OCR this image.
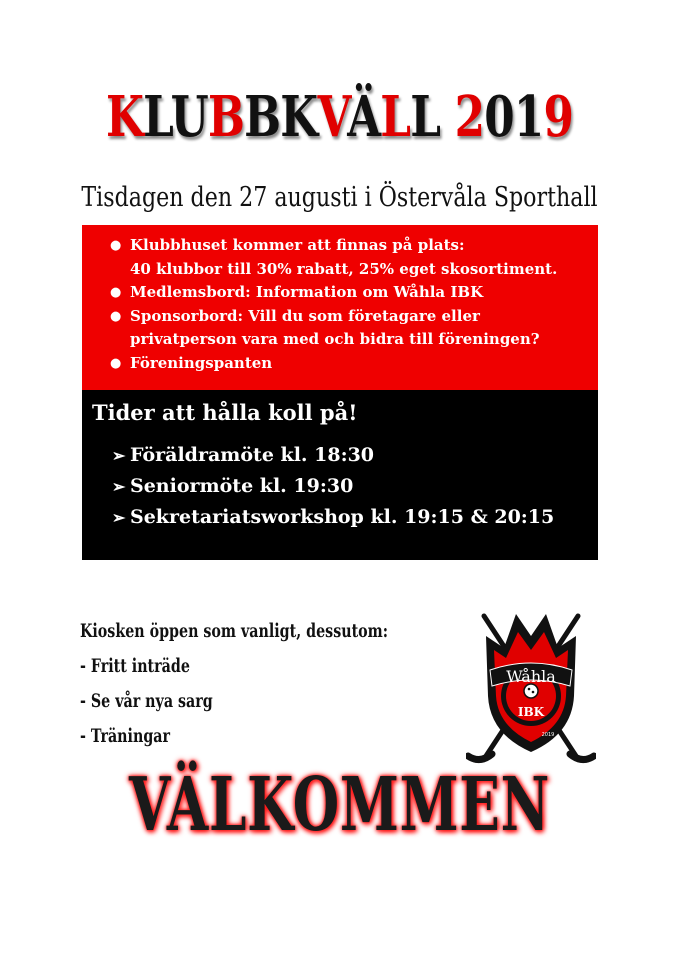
KLUBBKVÄLL 2019
Tisdagen den 27 augusti i Östervåla Sporthall
● Klubbhuset kommer att finnas på plats:
40 klubbor till 30% rabatt, 25% eget skosortiment.
● Medlemsbord: Information om Wåhla IBK
● Sponsorbord: Vill du som företagare eller
privatperson vara med och bidra till föreningen?
● Föreningspanten
Tider att hålla koll på!
➢ Föräldramöte kl. 18:30
➢ Seniormöte kl. 19:30
➢ Sekretariatsworkshop kl. 19:15 & 20:15
Kiosken öppen som vanligt, dessutom:
- Fritt inträde
- Se vår nya sarg
- Träningar
Wåhla
IBK
2019
VÄLKOMMEN
